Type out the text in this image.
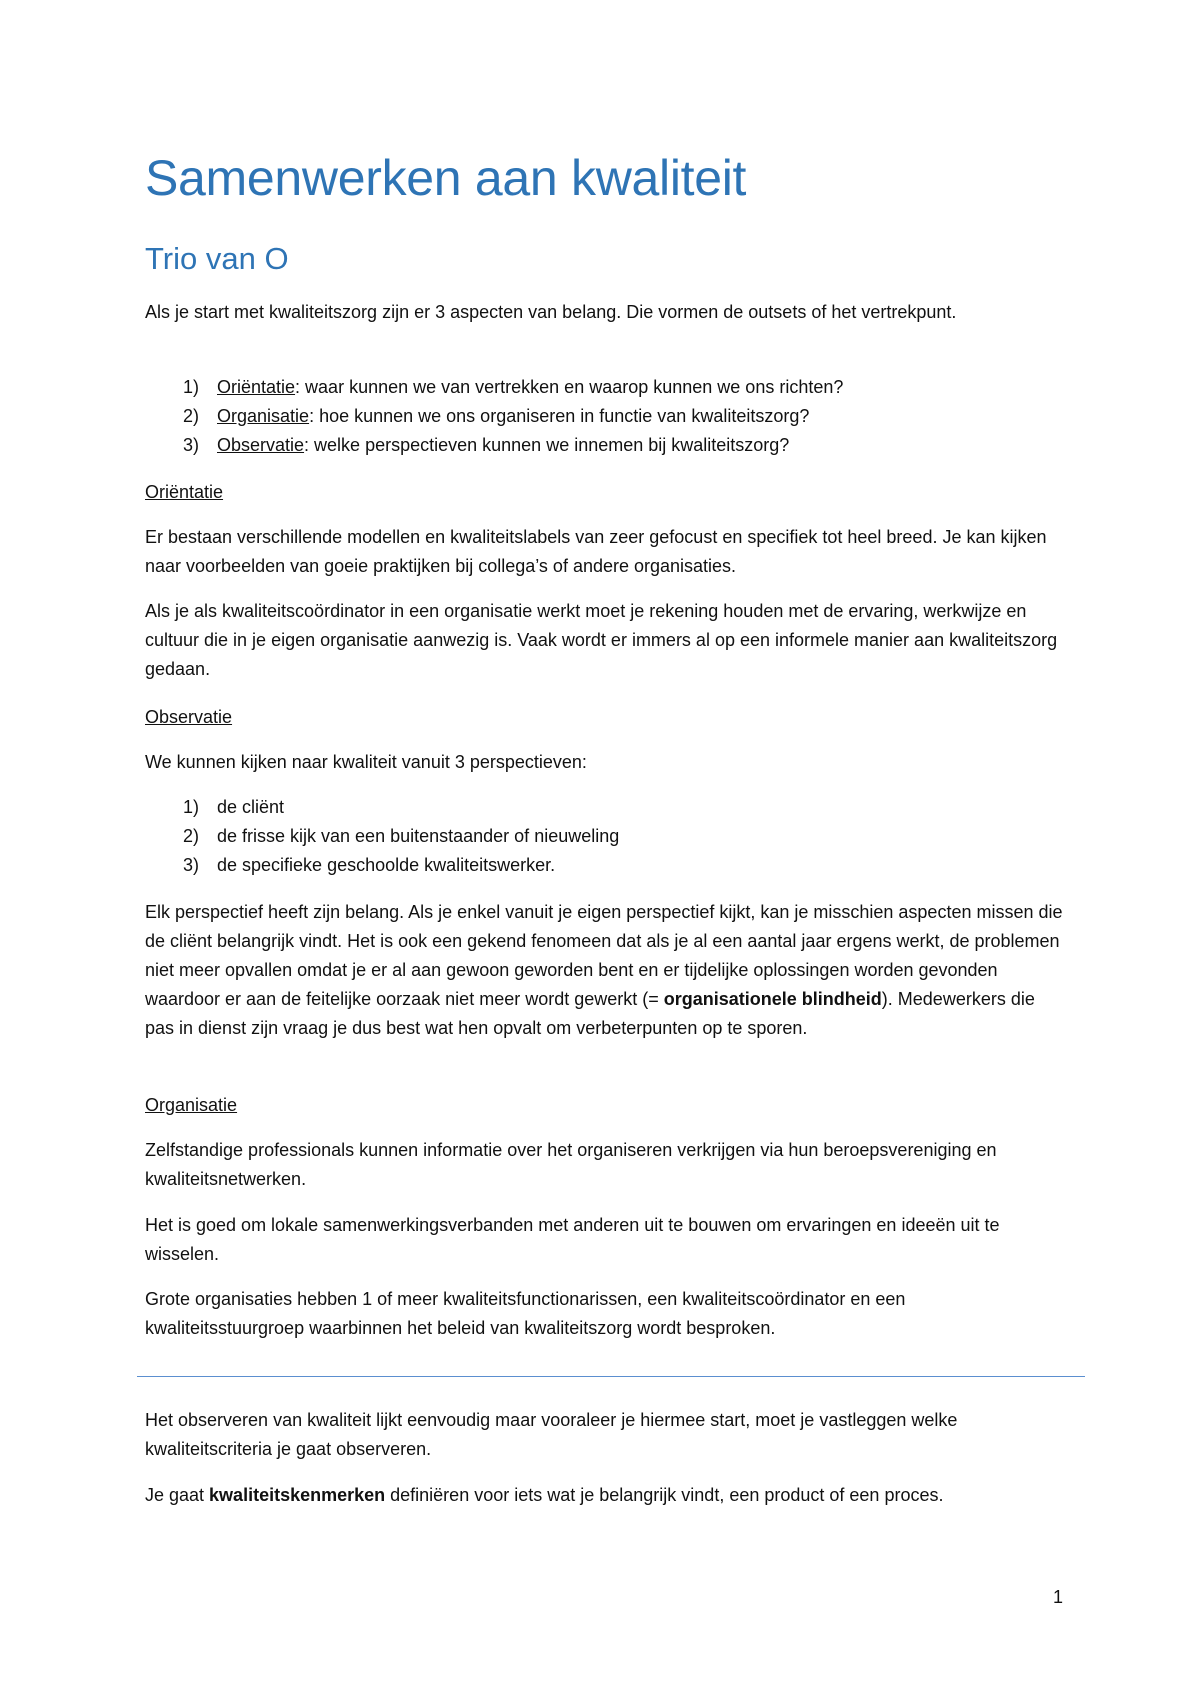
Samenwerken aan kwaliteit
Trio van O

Als je start met kwaliteitszorg zijn er 3 aspecten van belang. Die vormen de outsets of het vertrekpunt.

1) Oriëntatie: waar kunnen we van vertrekken en waarop kunnen we ons richten?
2) Organisatie: hoe kunnen we ons organiseren in functie van kwaliteitszorg?
3) Observatie: welke perspectieven kunnen we innemen bij kwaliteitszorg?

Oriëntatie

Er bestaan verschillende modellen en kwaliteitslabels van zeer gefocust en specifiek tot heel breed. Je kan kijken naar voorbeelden van goeie praktijken bij collega’s of andere organisaties.

Als je als kwaliteitscoördinator in een organisatie werkt moet je rekening houden met de ervaring, werkwijze en cultuur die in je eigen organisatie aanwezig is. Vaak wordt er immers al op een informele manier aan kwaliteitszorg gedaan.

Observatie

We kunnen kijken naar kwaliteit vanuit 3 perspectieven:

1) de cliënt
2) de frisse kijk van een buitenstaander of nieuweling
3) de specifieke geschoolde kwaliteitswerker.

Elk perspectief heeft zijn belang. Als je enkel vanuit je eigen perspectief kijkt, kan je misschien aspecten missen die de cliënt belangrijk vindt. Het is ook een gekend fenomeen dat als je al een aantal jaar ergens werkt, de problemen niet meer opvallen omdat je er al aan gewoon geworden bent en er tijdelijke oplossingen worden gevonden waardoor er aan de feitelijke oorzaak niet meer wordt gewerkt (= organisationele blindheid). Medewerkers die pas in dienst zijn vraag je dus best wat hen opvalt om verbeterpunten op te sporen.

Organisatie

Zelfstandige professionals kunnen informatie over het organiseren verkrijgen via hun beroepsvereniging en kwaliteitsnetwerken.

Het is goed om lokale samenwerkingsverbanden met anderen uit te bouwen om ervaringen en ideeën uit te wisselen.

Grote organisaties hebben 1 of meer kwaliteitsfunctionarissen, een kwaliteitscoördinator en een kwaliteitsstuurgroep waarbinnen het beleid van kwaliteitszorg wordt besproken.

Het observeren van kwaliteit lijkt eenvoudig maar vooraleer je hiermee start, moet je vastleggen welke kwaliteitscriteria je gaat observeren.

Je gaat kwaliteitskenmerken definiëren voor iets wat je belangrijk vindt, een product of een proces.

1
